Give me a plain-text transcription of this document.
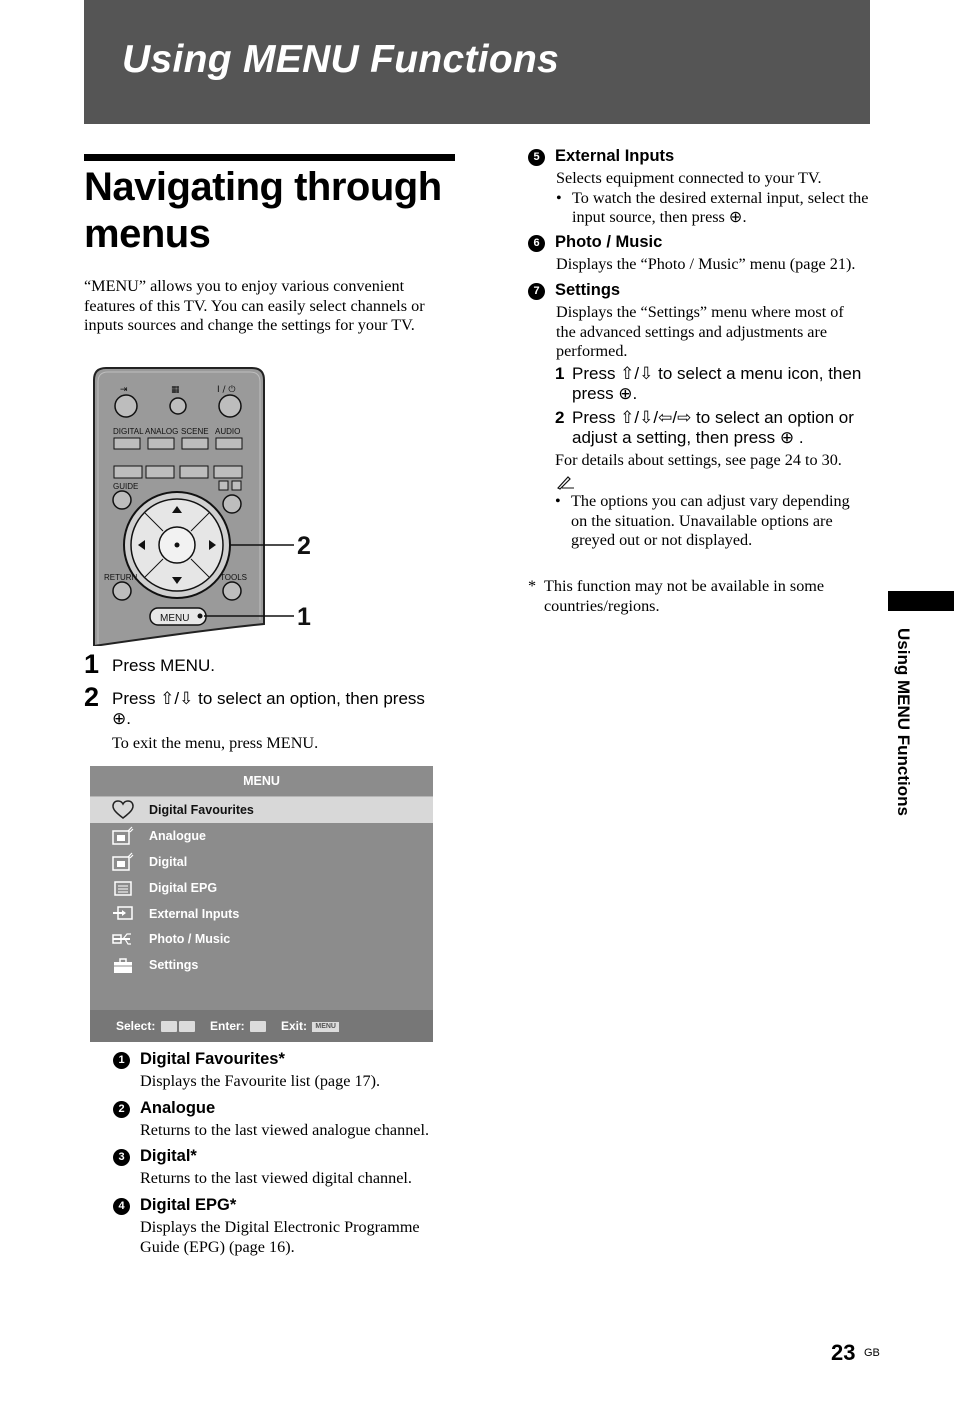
Using MENU Functions
Navigating through
menus
“MENU” allows you to enjoy various convenient features of this TV. You can easily select channels or inputs sources and change the settings for your TV.
⇥	▦	I / ⏻
DIGITAL ANALOG SCENE AUDIO
GUIDE
RETURN	TOOLS
MENU
2
1
1 Press MENU.
2 Press ⇧/⇩ to select an option, then press
⊕.
To exit the menu, press MENU.
MENU
Digital Favourites
Analogue
Digital
Digital EPG
External Inputs
Photo / Music
Settings
Select:	Enter:	Exit: MENU
1 Digital Favourites*
Displays the Favourite list (page 17).
2 Analogue
Returns to the last viewed analogue channel.
3 Digital*
Returns to the last viewed digital channel.
4 Digital EPG*
Displays the Digital Electronic Programme Guide (EPG) (page 16).
5 External Inputs
Selects equipment connected to your TV.
• To watch the desired external input, select the input source, then press ⊕.
6 Photo / Music
Displays the “Photo / Music” menu (page 21).
7 Settings
Displays the “Settings” menu where most of the advanced settings and adjustments are performed.
1 Press ⇧/⇩ to select a menu icon, then press ⊕.
2 Press ⇧/⇩/⇦/⇨ to select an option or adjust a setting, then press ⊕ .
For details about settings, see page 24 to 30.
• The options you can adjust vary depending on the situation. Unavailable options are greyed out or not displayed.
* This function may not be available in some countries/regions.
Using MENU Functions
23 GB
